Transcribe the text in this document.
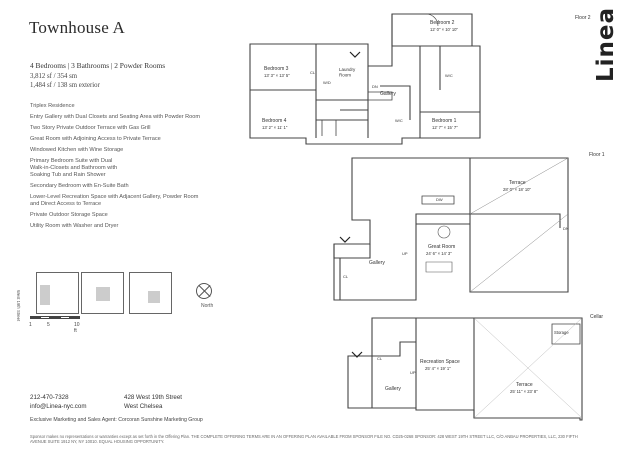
Townhouse A
4 Bedrooms | 3 Bathrooms | 2 Powder Rooms
3,812 sf / 354 sm
1,484 sf / 138 sm exterior
Triplex Residence
Entry Gallery with Dual Closets and Seating Area with Powder Room
Two Story Private Outdoor Terrace with Gas Grill
Great Room with Adjoining Access to Private Terrace
Windowed Kitchen with Wine Storage
Primary Bedroom Suite with Dual
Walk-in-Closets and Bathroom with
Soaking Tub and Rain Shower
Secondary Bedroom with En-Suite Bath
Lower-Level Recreation Space with Adjacent Gallery, Powder Room
and Direct Access to Terrace
Private Outdoor Storage Space
Utility Room with Washer and Dryer
Linea
West 19th Street	North
1	5	10 ft
212-470-7328
info@Linea-nyc.com
428 West 19th Street
West Chelsea
Exclusive Marketing and Sales Agent: Corcoran Sunshine Marketing Group
Sponsor makes no representations or warranties except as set forth in the Offering Plan. THE COMPLETE OFFERING TERMS ARE IN AN OFFERING PLAN AVAILABLE FROM SPONSOR FILE NO. CD25-0268 SPONSOR: 428 WEST 19TH STREET LLC, C/O ANBAU PROPERTIES, LLC, 230 FIFTH AVENUE SUITE 1912 NY, NY 10010. EQUAL HOUSING OPPORTUNITY.
Floor 2
Bedroom 2
12' 0" × 10' 10"
Bedroom 3
13' 3" × 13' 5"
Laundry Room
Gallery
Bedroom 4
13' 2" × 11' 1"
Bedroom 1
12' 7" × 15' 7"
W/C
W/C
DN
W/D
CL
Floor 1
Terrace
28' 0" × 18' 10"
Great Room
24' 6" × 14' 3"
Gallery
DN
UP
DW
CL
Cellar
Storage
Recreation Space
25' 4" × 19' 1"
Terrace
25' 11" × 23' 8"
Gallery
UP
CL
